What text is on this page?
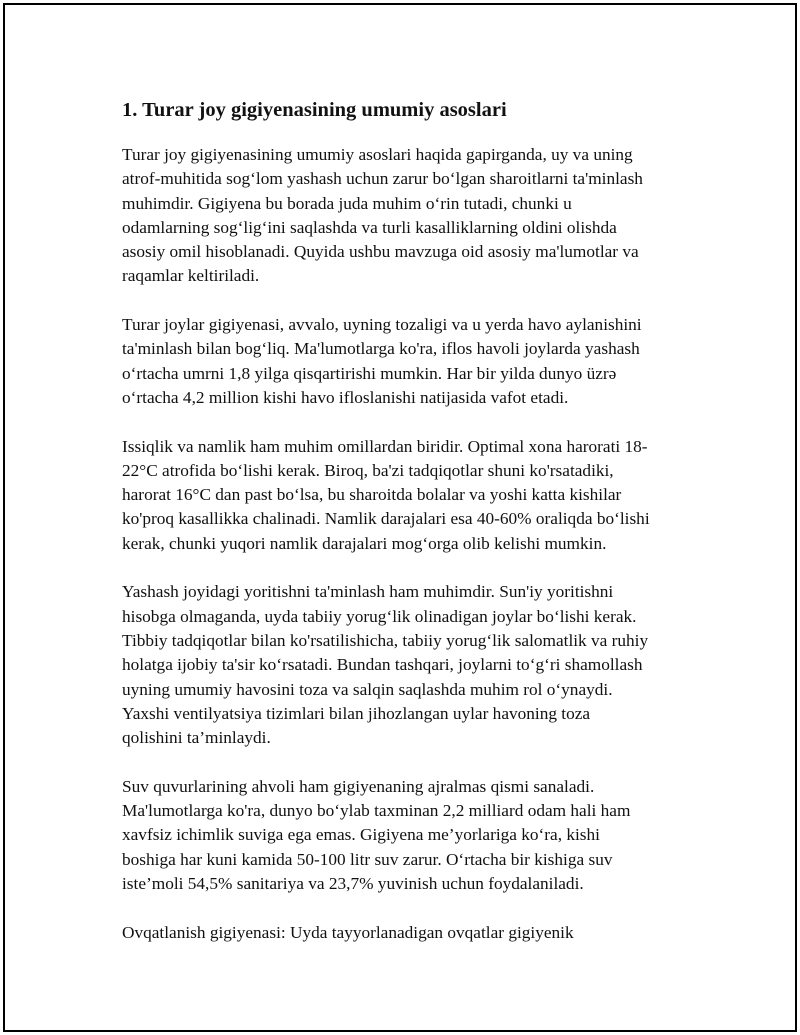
1. Turar joy gigiyenasining umumiy asoslari

Turar joy gigiyenasining umumiy asoslari haqida gapirganda, uy va uning
atrof-muhitida sog‘lom yashash uchun zarur bo‘lgan sharoitlarni ta'minlash
muhimdir. Gigiyena bu borada juda muhim o‘rin tutadi, chunki u
odamlarning sog‘lig‘ini saqlashda va turli kasalliklarning oldini olishda
asosiy omil hisoblanadi. Quyida ushbu mavzuga oid asosiy ma'lumotlar va
raqamlar keltiriladi.

Turar joylar gigiyenasi, avvalo, uyning tozaligi va u yerda havo aylanishini
ta'minlash bilan bog‘liq. Ma'lumotlarga ko'ra, iflos havoli joylarda yashash
o‘rtacha umrni 1,8 yilga qisqartirishi mumkin. Har bir yilda dunyo üzrə
o‘rtacha 4,2 million kishi havo ifloslanishi natijasida vafot etadi.

Issiqlik va namlik ham muhim omillardan biridir. Optimal xona harorati 18-
22°C atrofida bo‘lishi kerak. Biroq, ba'zi tadqiqotlar shuni ko'rsatadiki,
harorat 16°C dan past bo‘lsa, bu sharoitda bolalar va yoshi katta kishilar
ko'proq kasallikka chalinadi. Namlik darajalari esa 40-60% oraliqda bo‘lishi
kerak, chunki yuqori namlik darajalari mog‘orga olib kelishi mumkin.

Yashash joyidagi yoritishni ta'minlash ham muhimdir. Sun'iy yoritishni
hisobga olmaganda, uyda tabiiy yorug‘lik olinadigan joylar bo‘lishi kerak.
Tibbiy tadqiqotlar bilan ko'rsatilishicha, tabiiy yorug‘lik salomatlik va ruhiy
holatga ijobiy ta'sir ko‘rsatadi. Bundan tashqari, joylarni to‘g‘ri shamollash
uyning umumiy havosini toza va salqin saqlashda muhim rol o‘ynaydi.
Yaxshi ventilyatsiya tizimlari bilan jihozlangan uylar havoning toza
qolishini ta’minlaydi.

Suv quvurlarining ahvoli ham gigiyenaning ajralmas qismi sanaladi.
Ma'lumotlarga ko'ra, dunyo bo‘ylab taxminan 2,2 milliard odam hali ham
xavfsiz ichimlik suviga ega emas. Gigiyena me’yorlariga ko‘ra, kishi
boshiga har kuni kamida 50-100 litr suv zarur. O‘rtacha bir kishiga suv
iste’moli 54,5% sanitariya va 23,7% yuvinish uchun foydalaniladi.

Ovqatlanish gigiyenasi: Uyda tayyorlanadigan ovqatlar gigiyenik
